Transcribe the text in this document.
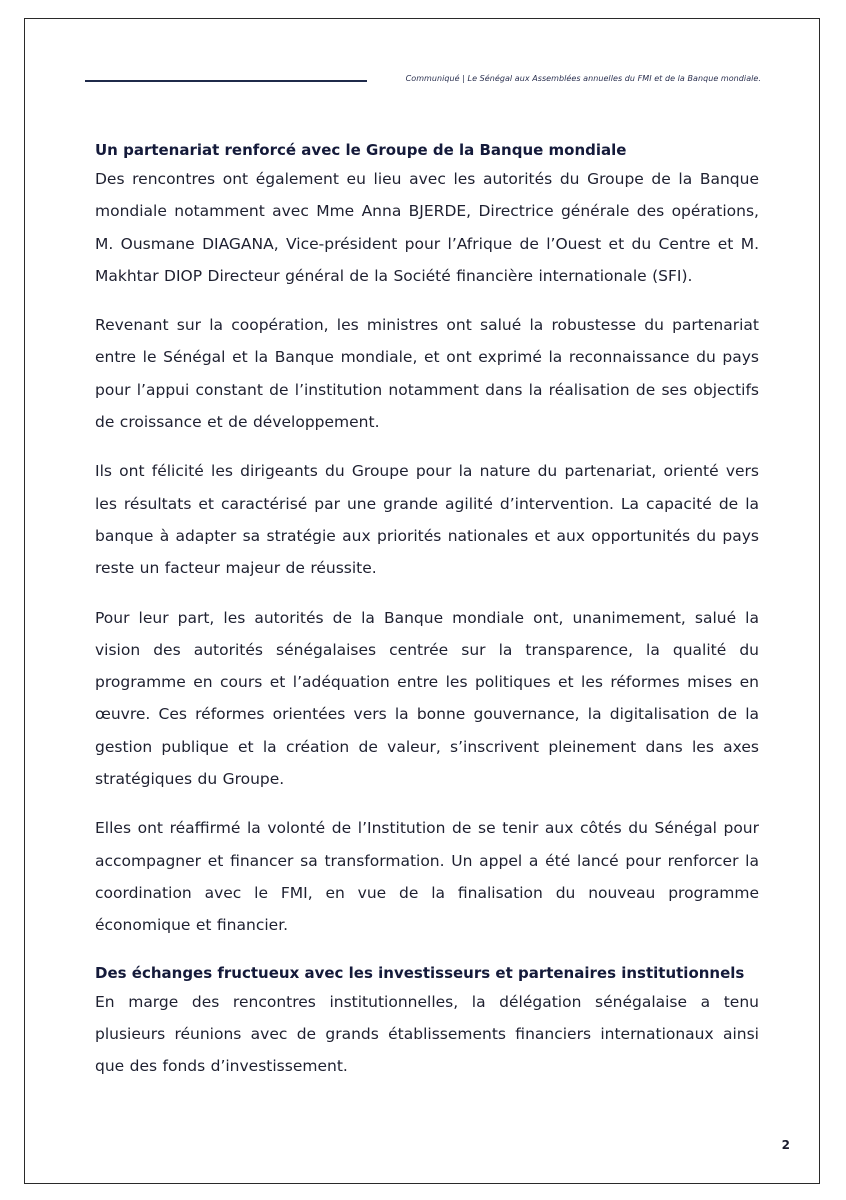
Communiqué | Le Sénégal aux Assemblées annuelles du FMI et de la Banque mondiale.
Un partenariat renforcé avec le Groupe de la Banque mondiale

Des rencontres ont également eu lieu avec les autorités du Groupe de la Banque mondiale notamment avec Mme Anna BJERDE, Directrice générale des opérations, M. Ousmane DIAGANA, Vice-président pour l’Afrique de l’Ouest et du Centre et M. Makhtar DIOP Directeur général de la Société financière internationale (SFI).

Revenant sur la coopération, les ministres ont salué la robustesse du partenariat entre le Sénégal et la Banque mondiale, et ont exprimé la reconnaissance du pays pour l’appui constant de l’institution notamment dans la réalisation de ses objectifs de croissance et de développement.

Ils ont félicité les dirigeants du Groupe pour la nature du partenariat, orienté vers les résultats et caractérisé par une grande agilité d’intervention. La capacité de la banque à adapter sa stratégie aux priorités nationales et aux opportunités du pays reste un facteur majeur de réussite.

Pour leur part, les autorités de la Banque mondiale ont, unanimement, salué la vision des autorités sénégalaises centrée sur la transparence, la qualité du programme en cours et l’adéquation entre les politiques et les réformes mises en œuvre. Ces réformes orientées vers la bonne gouvernance, la digitalisation de la gestion publique et la création de valeur, s’inscrivent pleinement dans les axes stratégiques du Groupe.

Elles ont réaffirmé la volonté de l’Institution de se tenir aux côtés du Sénégal pour accompagner et financer sa transformation. Un appel a été lancé pour renforcer la coordination avec le FMI, en vue de la finalisation du nouveau programme économique et financier.

Des échanges fructueux avec les investisseurs et partenaires institutionnels

En marge des rencontres institutionnelles, la délégation sénégalaise a tenu plusieurs réunions avec de grands établissements financiers internationaux ainsi que des fonds d’investissement.

2
